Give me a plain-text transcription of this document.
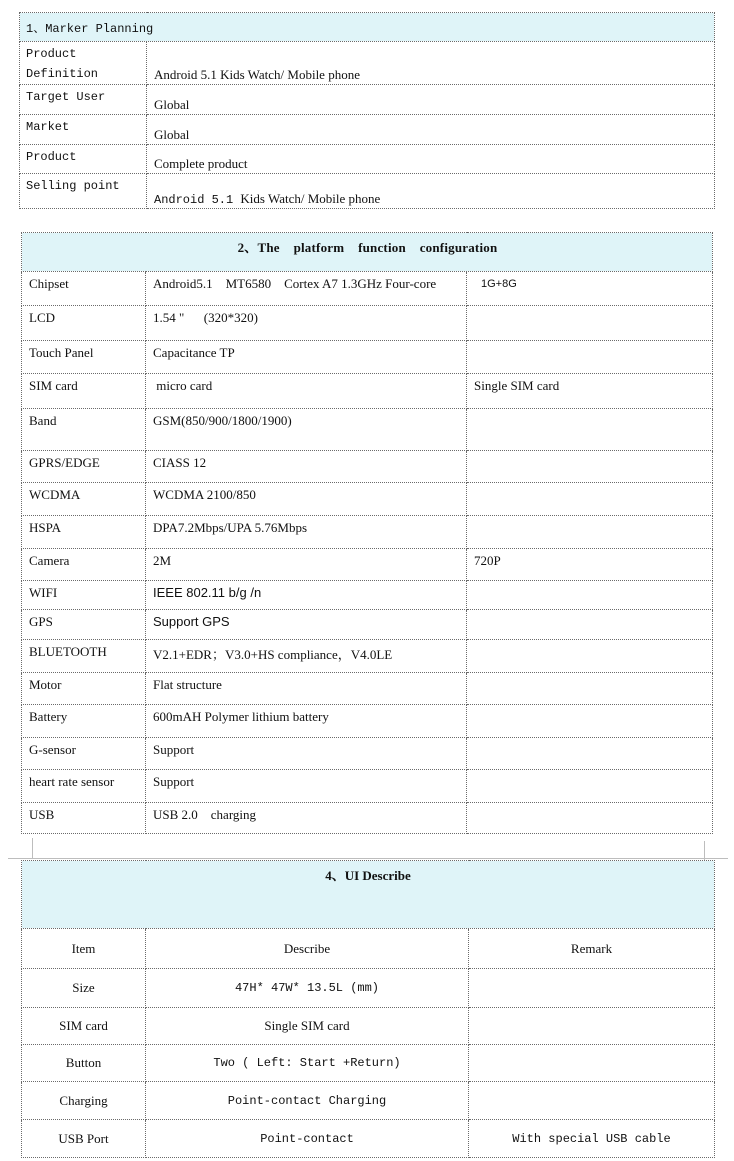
1、Marker Planning	

Product
Definition	Android 5.1 Kids Watch/ Mobile phone
Target User	Global
Market	Global
Product	Complete product
Selling point	Android 5.1 Kids Watch/ Mobile phone
2、The    platform    function    configuration		
Chipset	Android5.1    MT6580    Cortex A7 1.3GHz Four-core	1G+8G
LCD	1.54 "      (320*320)	
Touch Panel	Capacitance TP	
SIM card	micro card	Single SIM card
Band	GSM(850/900/1800/1900)	
GPRS/EDGE	CIASS 12	
WCDMA	WCDMA 2100/850	
HSPA	DPA7.2Mbps/UPA 5.76Mbps	
Camera	2M	720P
WIFI	IEEE 802.11 b/g /n	
GPS	Support GPS	
BLUETOOTH	V2.1+EDR；V3.0+HS compliance，V4.0LE	
Motor	Flat structure	
Battery	600mAH Polymer lithium battery	
G-sensor	Support	
heart rate sensor	Support	
USB	USB 2.0    charging	
4、UI Describe		
Item	Describe	Remark
Size	47H* 47W* 13.5L (mm)	
SIM card	Single SIM card	
Button	Two ( Left: Start +Return)	
Charging	Point-contact Charging	
USB Port	Point-contact	With special USB cable
